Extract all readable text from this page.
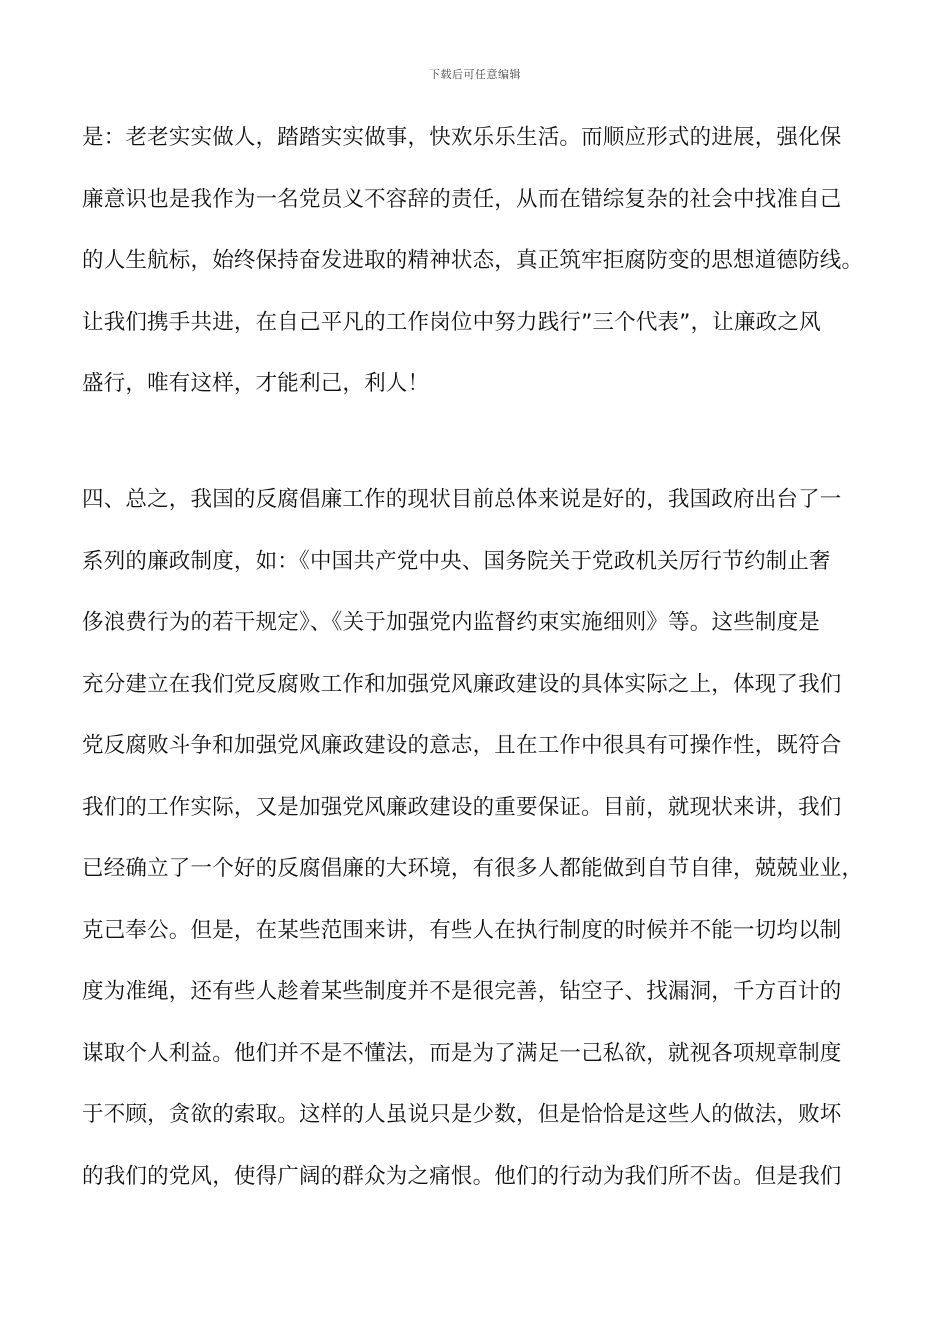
下载后可任意编辑
是：老老实实做人，踏踏实实做事，快欢乐乐生活。而顺应形式的进展，强化保
廉意识也是我作为一名党员义不容辞的责任，从而在错综复杂的社会中找准自己
的人生航标，始终保持奋发进取的精神状态，真正筑牢拒腐防变的思想道德防线。
让我们携手共进，在自己平凡的工作岗位中努力践行”三个代表”，让廉政之风
盛行，唯有这样，才能利己，利人！
四、总之，我国的反腐倡廉工作的现状目前总体来说是好的，我国政府出台了一
系列的廉政制度，如：《中国共产党中央、国务院关于党政机关厉行节约制止奢
侈浪费行为的若干规定》、《关于加强党内监督约束实施细则》等。这些制度是
充分建立在我们党反腐败工作和加强党风廉政建设的具体实际之上，体现了我们
党反腐败斗争和加强党风廉政建设的意志，且在工作中很具有可操作性，既符合
我们的工作实际，又是加强党风廉政建设的重要保证。目前，就现状来讲，我们
已经确立了一个好的反腐倡廉的大环境，有很多人都能做到自节自律，兢兢业业，
克己奉公。但是，在某些范围来讲，有些人在执行制度的时候并不能一切均以制
度为准绳，还有些人趁着某些制度并不是很完善，钻空子、找漏洞，千方百计的
谋取个人利益。他们并不是不懂法，而是为了满足一己私欲，就视各项规章制度
于不顾，贪欲的索取。这样的人虽说只是少数，但是恰恰是这些人的做法，败坏
的我们的党风，使得广阔的群众为之痛恨。他们的行动为我们所不齿。但是我们
